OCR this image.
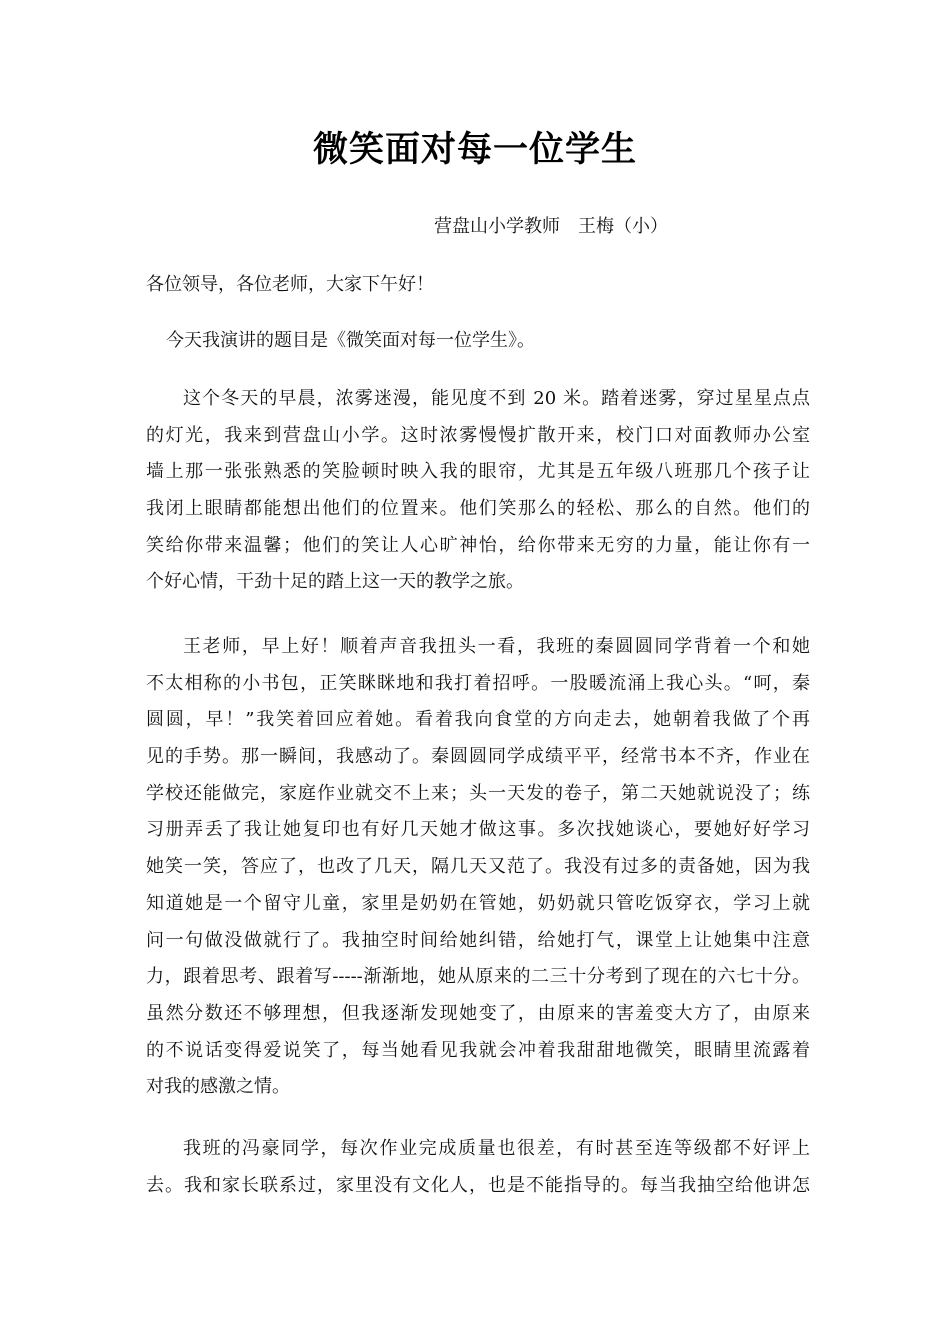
微笑面对每一位学生

营盘山小学教师　王梅（小）

各位领导，各位老师，大家下午好！

今天我演讲的题目是《微笑面对每一位学生》。

这个冬天的早晨，浓雾迷漫，能见度不到 20 米。踏着迷雾，穿过星星点点
的灯光，我来到营盘山小学。这时浓雾慢慢扩散开来，校门口对面教师办公室
墙上那一张张熟悉的笑脸顿时映入我的眼帘，尤其是五年级八班那几个孩子让
我闭上眼睛都能想出他们的位置来。他们笑那么的轻松、那么的自然。他们的
笑给你带来温馨；他们的笑让人心旷神怡，给你带来无穷的力量，能让你有一
个好心情，干劲十足的踏上这一天的教学之旅。
王老师，早上好！顺着声音我扭头一看，我班的秦圆圆同学背着一个和她
不太相称的小书包，正笑眯眯地和我打着招呼。一股暖流涌上我心头。“呵，秦
圆圆，早！”我笑着回应着她。看着我向食堂的方向走去，她朝着我做了个再
见的手势。那一瞬间，我感动了。秦圆圆同学成绩平平，经常书本不齐，作业在
学校还能做完，家庭作业就交不上来；头一天发的卷子，第二天她就说没了；练
习册弄丢了我让她复印也有好几天她才做这事。多次找她谈心，要她好好学习
她笑一笑，答应了，也改了几天，隔几天又范了。我没有过多的责备她，因为我
知道她是一个留守儿童，家里是奶奶在管她，奶奶就只管吃饭穿衣，学习上就
问一句做没做就行了。我抽空时间给她纠错，给她打气，课堂上让她集中注意
力，跟着思考、跟着写-----渐渐地，她从原来的二三十分考到了现在的六七十分。
虽然分数还不够理想，但我逐渐发现她变了，由原来的害羞变大方了，由原来
的不说话变得爱说笑了，每当她看见我就会冲着我甜甜地微笑，眼睛里流露着
对我的感激之情。
我班的冯豪同学，每次作业完成质量也很差，有时甚至连等级都不好评上
去。我和家长联系过，家里没有文化人，也是不能指导的。每当我抽空给他讲怎
